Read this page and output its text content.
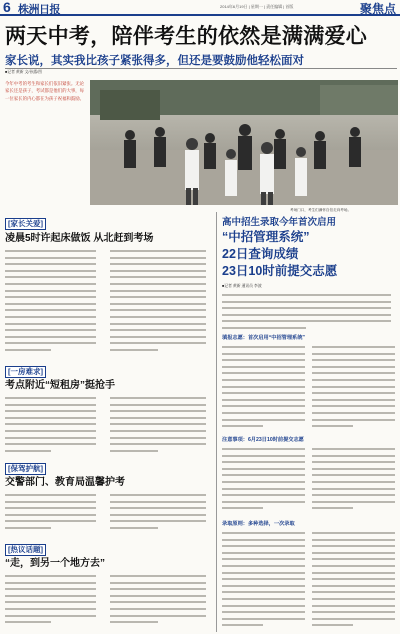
6 株洲日报	2014年6月19日 | 星期一 | 责任编辑 | 首版	聚焦点
两天中考，陪伴考生的依然是满满爱心
家长说，其实我比孩子紧张得多，但还是要鼓励他轻松面对
■记者 黄新 文/孙露/图
今年中考的考生和家长们依旧紧张。无论家长还是孩子，考试都是他们的大事，每一位家长的内心都在为孩子祝福和鼓励。
考场门口，考生们满怀自信走向考场。
[家长关爱]
凌晨5时许起床做饭 从北赶到考场
[一房难求]
考点附近“短租房”挺抢手
[保驾护航]
交警部门、教育局温馨护考
[热议话题]
“走，到另一个地方去”
高中招生录取今年首次启用
“中招管理系统”
22日查询成绩
23日10时前提交志愿
■记者 黄新 通讯员 李波
填报志愿：首次启用“中招管理系统”
注意事项：6月23日10时前提交志愿
录取原则：多种选择，一次录取
